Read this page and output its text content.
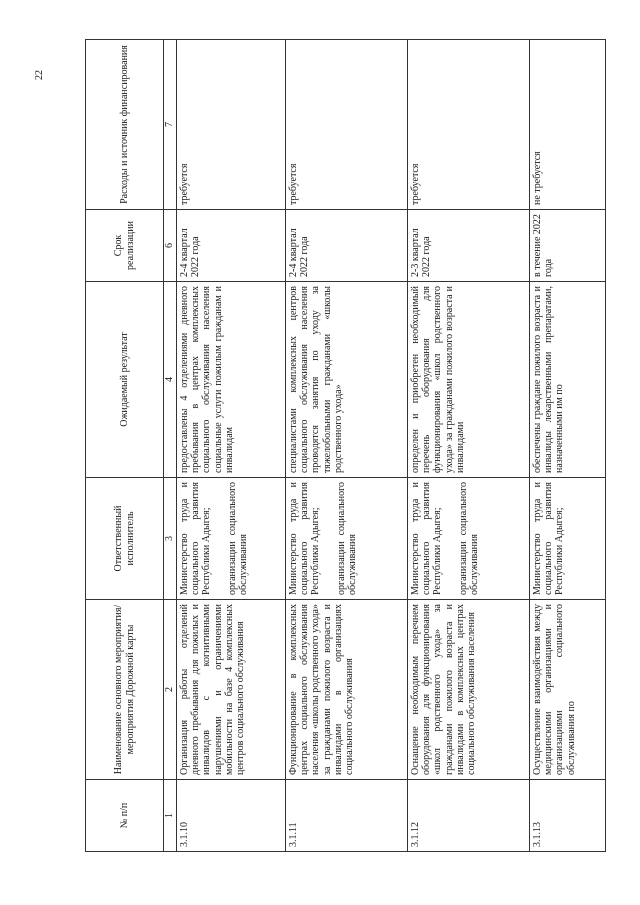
22
№ п/п	Наименование основного мероприятия/мероприятия Дорожной карты	Ответственный исполнитель	Ожидаемый результат	Срок реализации	Расходы и источник финансирования
1	2	3	4	6	7
3.1.10	Организация работы отделений дневного пребывания для пожилых и инвалидов с когнитивными нарушениями и ограничениями мобильности на базе 4 комплексных центров социального обслуживания	Министерство труда и социального развития Республики Адыгея; организации социального обслуживания	предоставлены 4 отделениями дневного пребывания в центрах комплексных социального обслуживания населения социальные услуги пожилым гражданам и инвалидам	2-4 квартал 2022 года	требуется
3.1.11	Функционирование в комплексных центрах социального обслуживания населения «школы родственного ухода» за гражданами пожилого возраста и инвалидами в организациях социального обслуживания	Министерство труда и социального развития Республики Адыгея; организации социального обслуживания	специалистами комплексных центров социального обслуживания населения проводятся занятия по уходу за тяжелобольными гражданами «школы родственного ухода»	2-4 квартал 2022 года	требуется
3.1.12	Оснащение необходимым перечнем оборудования для функционирования «школ родственного ухода» за гражданами пожилого возраста и инвалидами в комплексных центрах социального обслуживания населения	Министерство труда и социального развития Республики Адыгея; организации социального обслуживания	определен и приобретен необходимый перечень оборудования для функционирования «школ родственного ухода» за гражданами пожилого возраста и инвалидами	2-3 квартал 2022 года	требуется
3.1.13	Осуществление взаимодействия между медицинскими организациями и организациями социального обслуживания по	Министерство труда и социального развития Республики Адыгея;	обеспечены граждане пожилого возраста и инвалиды лекарственными препаратами, назначенными им по	в течение 2022 года	не требуется
